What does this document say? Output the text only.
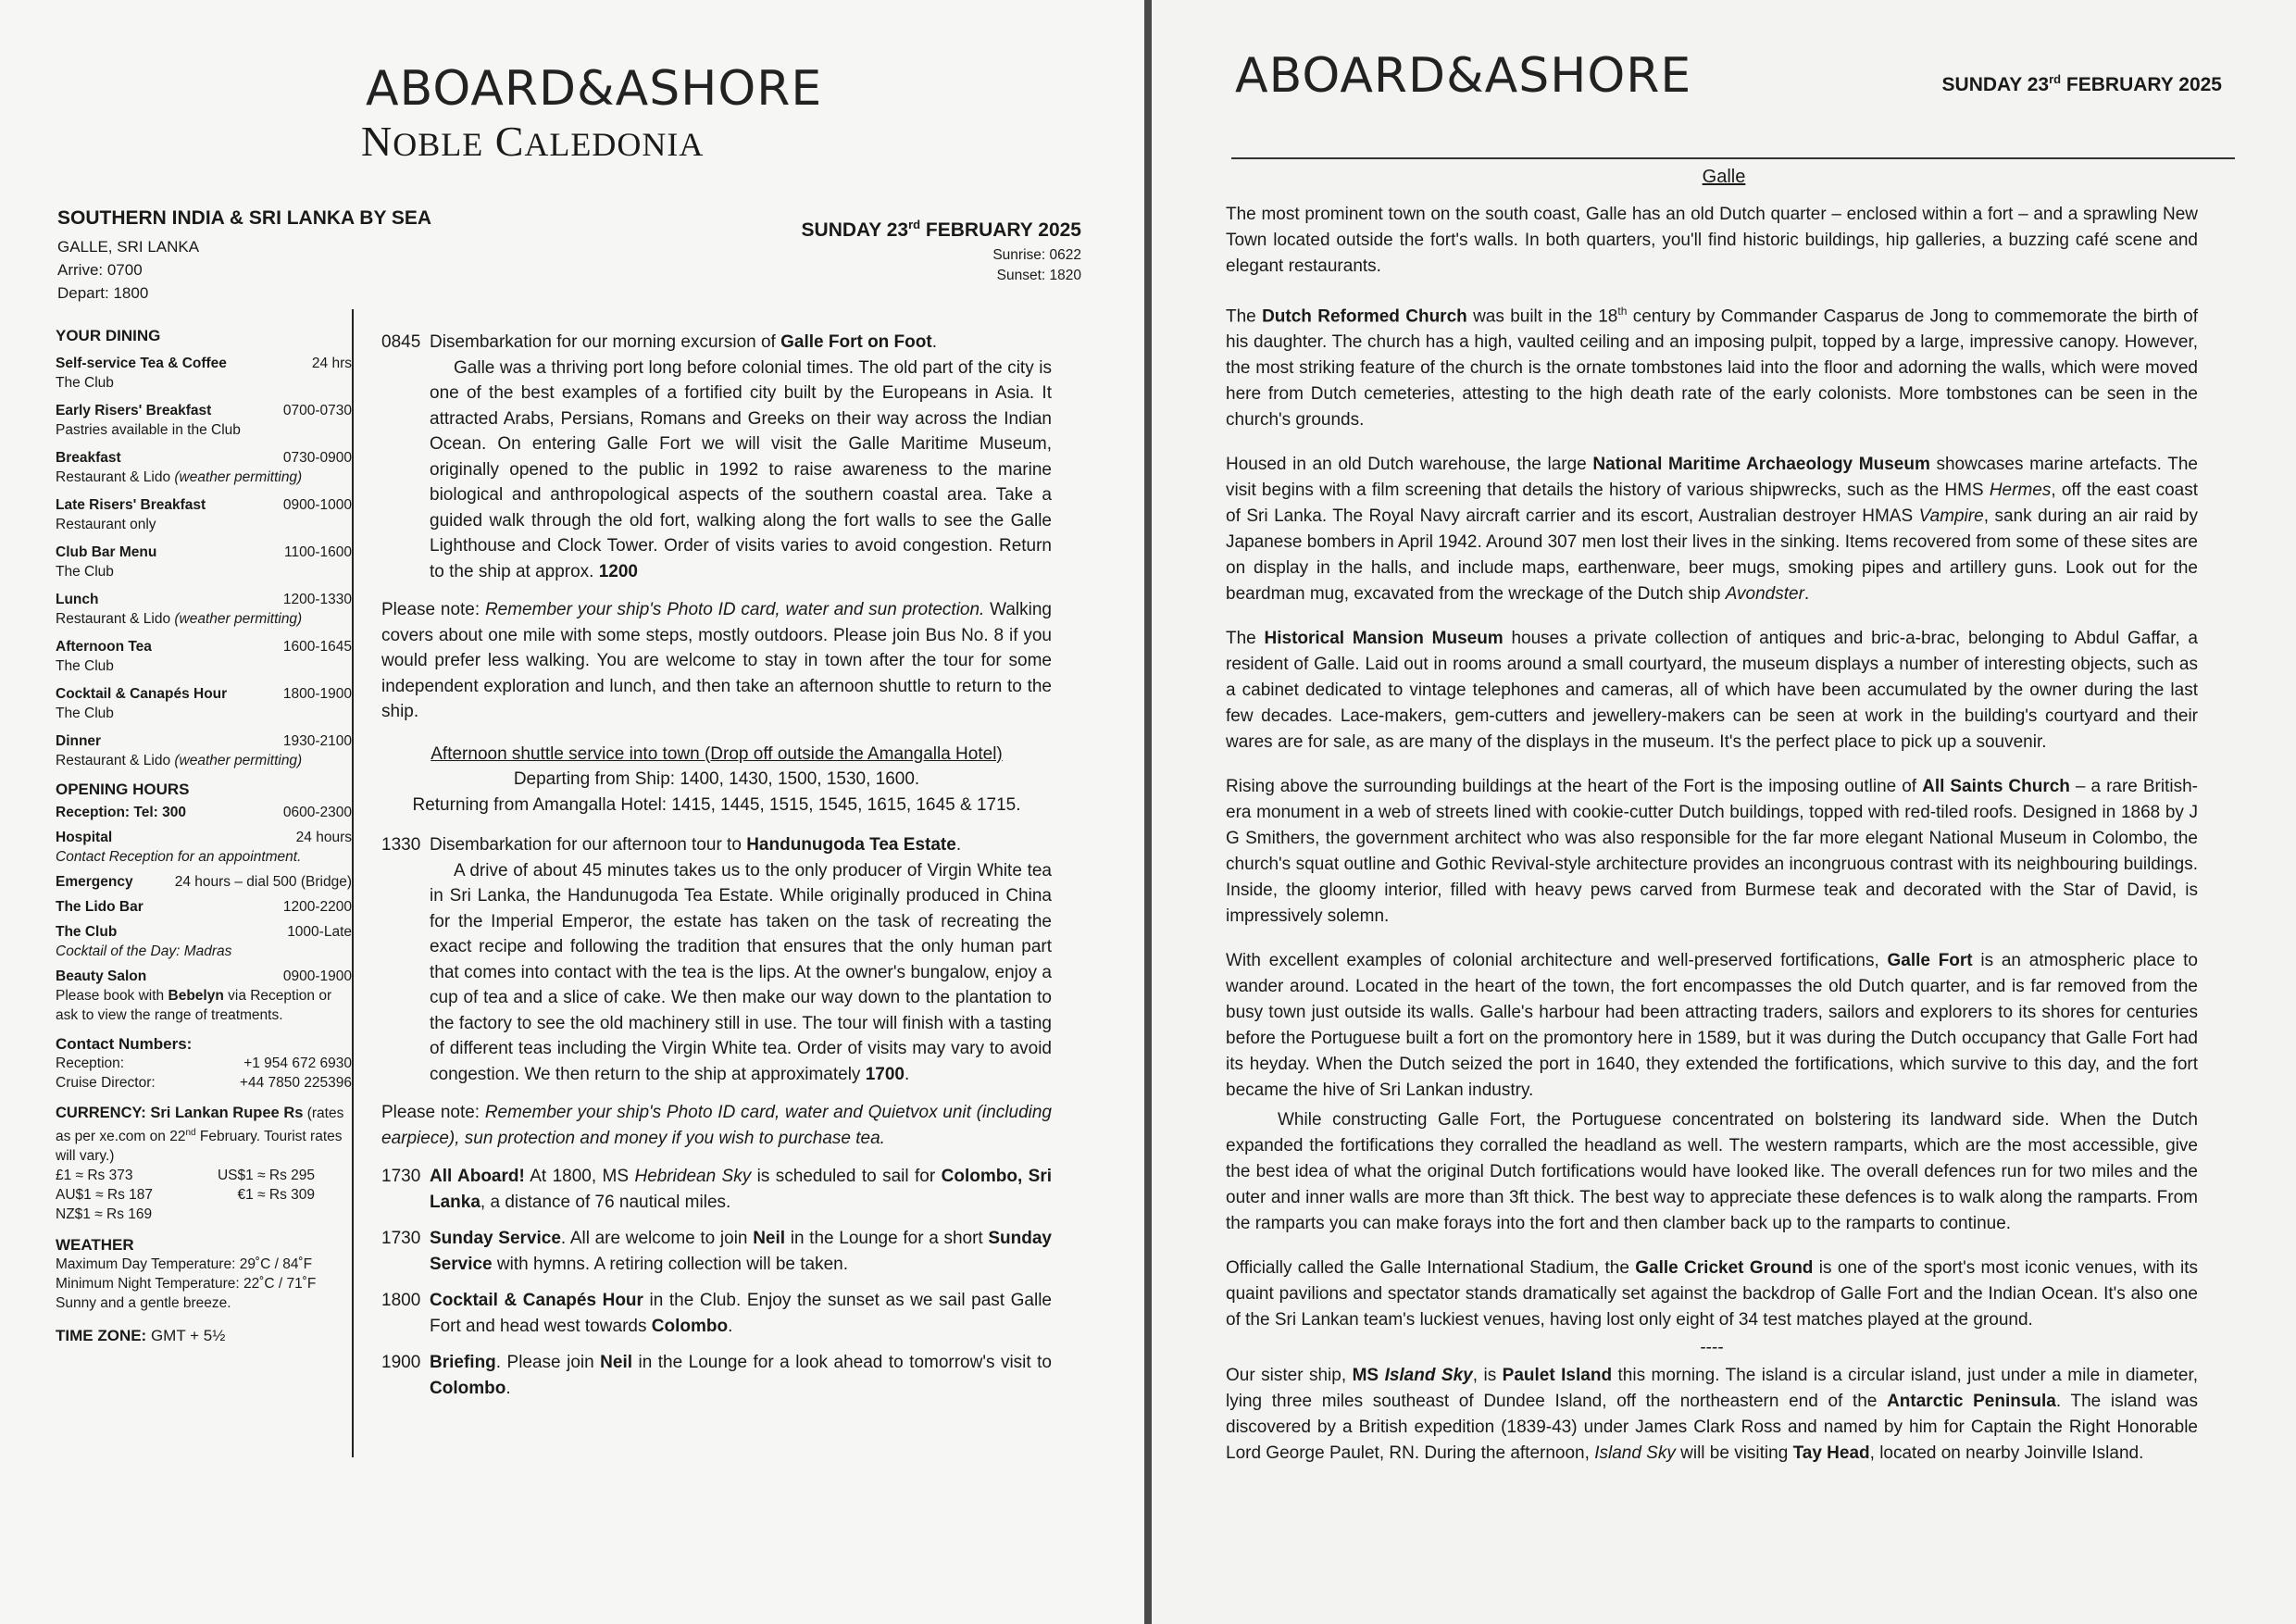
ABOARD&ASHORE
NOBLE CALEDONIA
SOUTHERN INDIA & SRI LANKA BY SEA
GALLE, SRI LANKA
Arrive: 0700
Depart: 1800
SUNDAY 23rd FEBRUARY 2025
Sunrise: 0622
Sunset: 1820
YOUR DINING
Self-service Tea & Coffee	24 hrs
The Club
Early Risers' Breakfast	0700-0730
Pastries available in the Club
Breakfast	0730-0900
Restaurant & Lido (weather permitting)
Late Risers' Breakfast	0900-1000
Restaurant only
Club Bar Menu	1100-1600
The Club
Lunch	1200-1330
Restaurant & Lido (weather permitting)
Afternoon Tea	1600-1645
The Club
Cocktail & Canapés Hour	1800-1900
The Club
Dinner	1930-2100
Restaurant & Lido (weather permitting)
OPENING HOURS
Reception: Tel: 300	0600-2300
Hospital	24 hours
Contact Reception for an appointment.
Emergency	24 hours – dial 500 (Bridge)
The Lido Bar	1200-2200
The Club	1000-Late
Cocktail of the Day: Madras
Beauty Salon	0900-1900
Please book with Bebelyn via Reception or ask to view the range of treatments.
Contact Numbers:
Reception:	+1 954 672 6930
Cruise Director:	+44 7850 225396
CURRENCY: Sri Lankan Rupee Rs (rates as per xe.com on 22nd February. Tourist rates will vary.)
£1 ≈ Rs 373	US$1 ≈ Rs 295
AU$1 ≈ Rs 187	€1 ≈ Rs 309
NZ$1 ≈ Rs 169
WEATHER
Maximum Day Temperature: 29˚C / 84˚F
Minimum Night Temperature: 22˚C / 71˚F
Sunny and a gentle breeze.
TIME ZONE: GMT + 5½
0845 Disembarkation for our morning excursion of Galle Fort on Foot.
Galle was a thriving port long before colonial times. The old part of the city is one of the best examples of a fortified city built by the Europeans in Asia. It attracted Arabs, Persians, Romans and Greeks on their way across the Indian Ocean. On entering Galle Fort we will visit the Galle Maritime Museum, originally opened to the public in 1992 to raise awareness to the marine biological and anthropological aspects of the southern coastal area. Take a guided walk through the old fort, walking along the fort walls to see the Galle Lighthouse and Clock Tower. Order of visits varies to avoid congestion. Return to the ship at approx. 1200
Please note: Remember your ship's Photo ID card, water and sun protection. Walking covers about one mile with some steps, mostly outdoors. Please join Bus No. 8 if you would prefer less walking. You are welcome to stay in town after the tour for some independent exploration and lunch, and then take an afternoon shuttle to return to the ship.
Afternoon shuttle service into town (Drop off outside the Amangalla Hotel)
Departing from Ship: 1400, 1430, 1500, 1530, 1600.
Returning from Amangalla Hotel: 1415, 1445, 1515, 1545, 1615, 1645 & 1715.
1330 Disembarkation for our afternoon tour to Handunugoda Tea Estate.
A drive of about 45 minutes takes us to the only producer of Virgin White tea in Sri Lanka, the Handunugoda Tea Estate. While originally produced in China for the Imperial Emperor, the estate has taken on the task of recreating the exact recipe and following the tradition that ensures that the only human part that comes into contact with the tea is the lips. At the owner's bungalow, enjoy a cup of tea and a slice of cake. We then make our way down to the plantation to the factory to see the old machinery still in use. The tour will finish with a tasting of different teas including the Virgin White tea. Order of visits may vary to avoid congestion. We then return to the ship at approximately 1700.
Please note: Remember your ship's Photo ID card, water and Quietvox unit (including earpiece), sun protection and money if you wish to purchase tea.
1730 All Aboard! At 1800, MS Hebridean Sky is scheduled to sail for Colombo, Sri Lanka, a distance of 76 nautical miles.
1730 Sunday Service. All are welcome to join Neil in the Lounge for a short Sunday Service with hymns. A retiring collection will be taken.
1800 Cocktail & Canapés Hour in the Club. Enjoy the sunset as we sail past Galle Fort and head west towards Colombo.
1900 Briefing. Please join Neil in the Lounge for a look ahead to tomorrow's visit to Colombo.
ABOARD&ASHORE	SUNDAY 23rd FEBRUARY 2025
Galle

The most prominent town on the south coast, Galle has an old Dutch quarter – enclosed within a fort – and a sprawling New Town located outside the fort's walls. In both quarters, you'll find historic buildings, hip galleries, a buzzing café scene and elegant restaurants.

The Dutch Reformed Church was built in the 18th century by Commander Casparus de Jong to commemorate the birth of his daughter. The church has a high, vaulted ceiling and an imposing pulpit, topped by a large, impressive canopy. However, the most striking feature of the church is the ornate tombstones laid into the floor and adorning the walls, which were moved here from Dutch cemeteries, attesting to the high death rate of the early colonists. More tombstones can be seen in the church's grounds.

Housed in an old Dutch warehouse, the large National Maritime Archaeology Museum showcases marine artefacts. The visit begins with a film screening that details the history of various shipwrecks, such as the HMS Hermes, off the east coast of Sri Lanka. The Royal Navy aircraft carrier and its escort, Australian destroyer HMAS Vampire, sank during an air raid by Japanese bombers in April 1942. Around 307 men lost their lives in the sinking. Items recovered from some of these sites are on display in the halls, and include maps, earthenware, beer mugs, smoking pipes and artillery guns. Look out for the beardman mug, excavated from the wreckage of the Dutch ship Avondster.

The Historical Mansion Museum houses a private collection of antiques and bric-a-brac, belonging to Abdul Gaffar, a resident of Galle. Laid out in rooms around a small courtyard, the museum displays a number of interesting objects, such as a cabinet dedicated to vintage telephones and cameras, all of which have been accumulated by the owner during the last few decades. Lace-makers, gem-cutters and jewellery-makers can be seen at work in the building's courtyard and their wares are for sale, as are many of the displays in the museum. It's the perfect place to pick up a souvenir.

Rising above the surrounding buildings at the heart of the Fort is the imposing outline of All Saints Church – a rare British-era monument in a web of streets lined with cookie-cutter Dutch buildings, topped with red-tiled roofs. Designed in 1868 by J G Smithers, the government architect who was also responsible for the far more elegant National Museum in Colombo, the church's squat outline and Gothic Revival-style architecture provides an incongruous contrast with its neighbouring buildings. Inside, the gloomy interior, filled with heavy pews carved from Burmese teak and decorated with the Star of David, is impressively solemn.

With excellent examples of colonial architecture and well-preserved fortifications, Galle Fort is an atmospheric place to wander around. Located in the heart of the town, the fort encompasses the old Dutch quarter, and is far removed from the busy town just outside its walls. Galle's harbour had been attracting traders, sailors and explorers to its shores for centuries before the Portuguese built a fort on the promontory here in 1589, but it was during the Dutch occupancy that Galle Fort had its heyday. When the Dutch seized the port in 1640, they extended the fortifications, which survive to this day, and the fort became the hive of Sri Lankan industry.

While constructing Galle Fort, the Portuguese concentrated on bolstering its landward side. When the Dutch expanded the fortifications they corralled the headland as well. The western ramparts, which are the most accessible, give the best idea of what the original Dutch fortifications would have looked like. The overall defences run for two miles and the outer and inner walls are more than 3ft thick. The best way to appreciate these defences is to walk along the ramparts. From the ramparts you can make forays into the fort and then clamber back up to the ramparts to continue.

Officially called the Galle International Stadium, the Galle Cricket Ground is one of the sport's most iconic venues, with its quaint pavilions and spectator stands dramatically set against the backdrop of Galle Fort and the Indian Ocean. It's also one of the Sri Lankan team's luckiest venues, having lost only eight of 34 test matches played at the ground.

----

Our sister ship, MS Island Sky, is Paulet Island this morning. The island is a circular island, just under a mile in diameter, lying three miles southeast of Dundee Island, off the northeastern end of the Antarctic Peninsula. The island was discovered by a British expedition (1839-43) under James Clark Ross and named by him for Captain the Right Honorable Lord George Paulet, RN. During the afternoon, Island Sky will be visiting Tay Head, located on nearby Joinville Island.
